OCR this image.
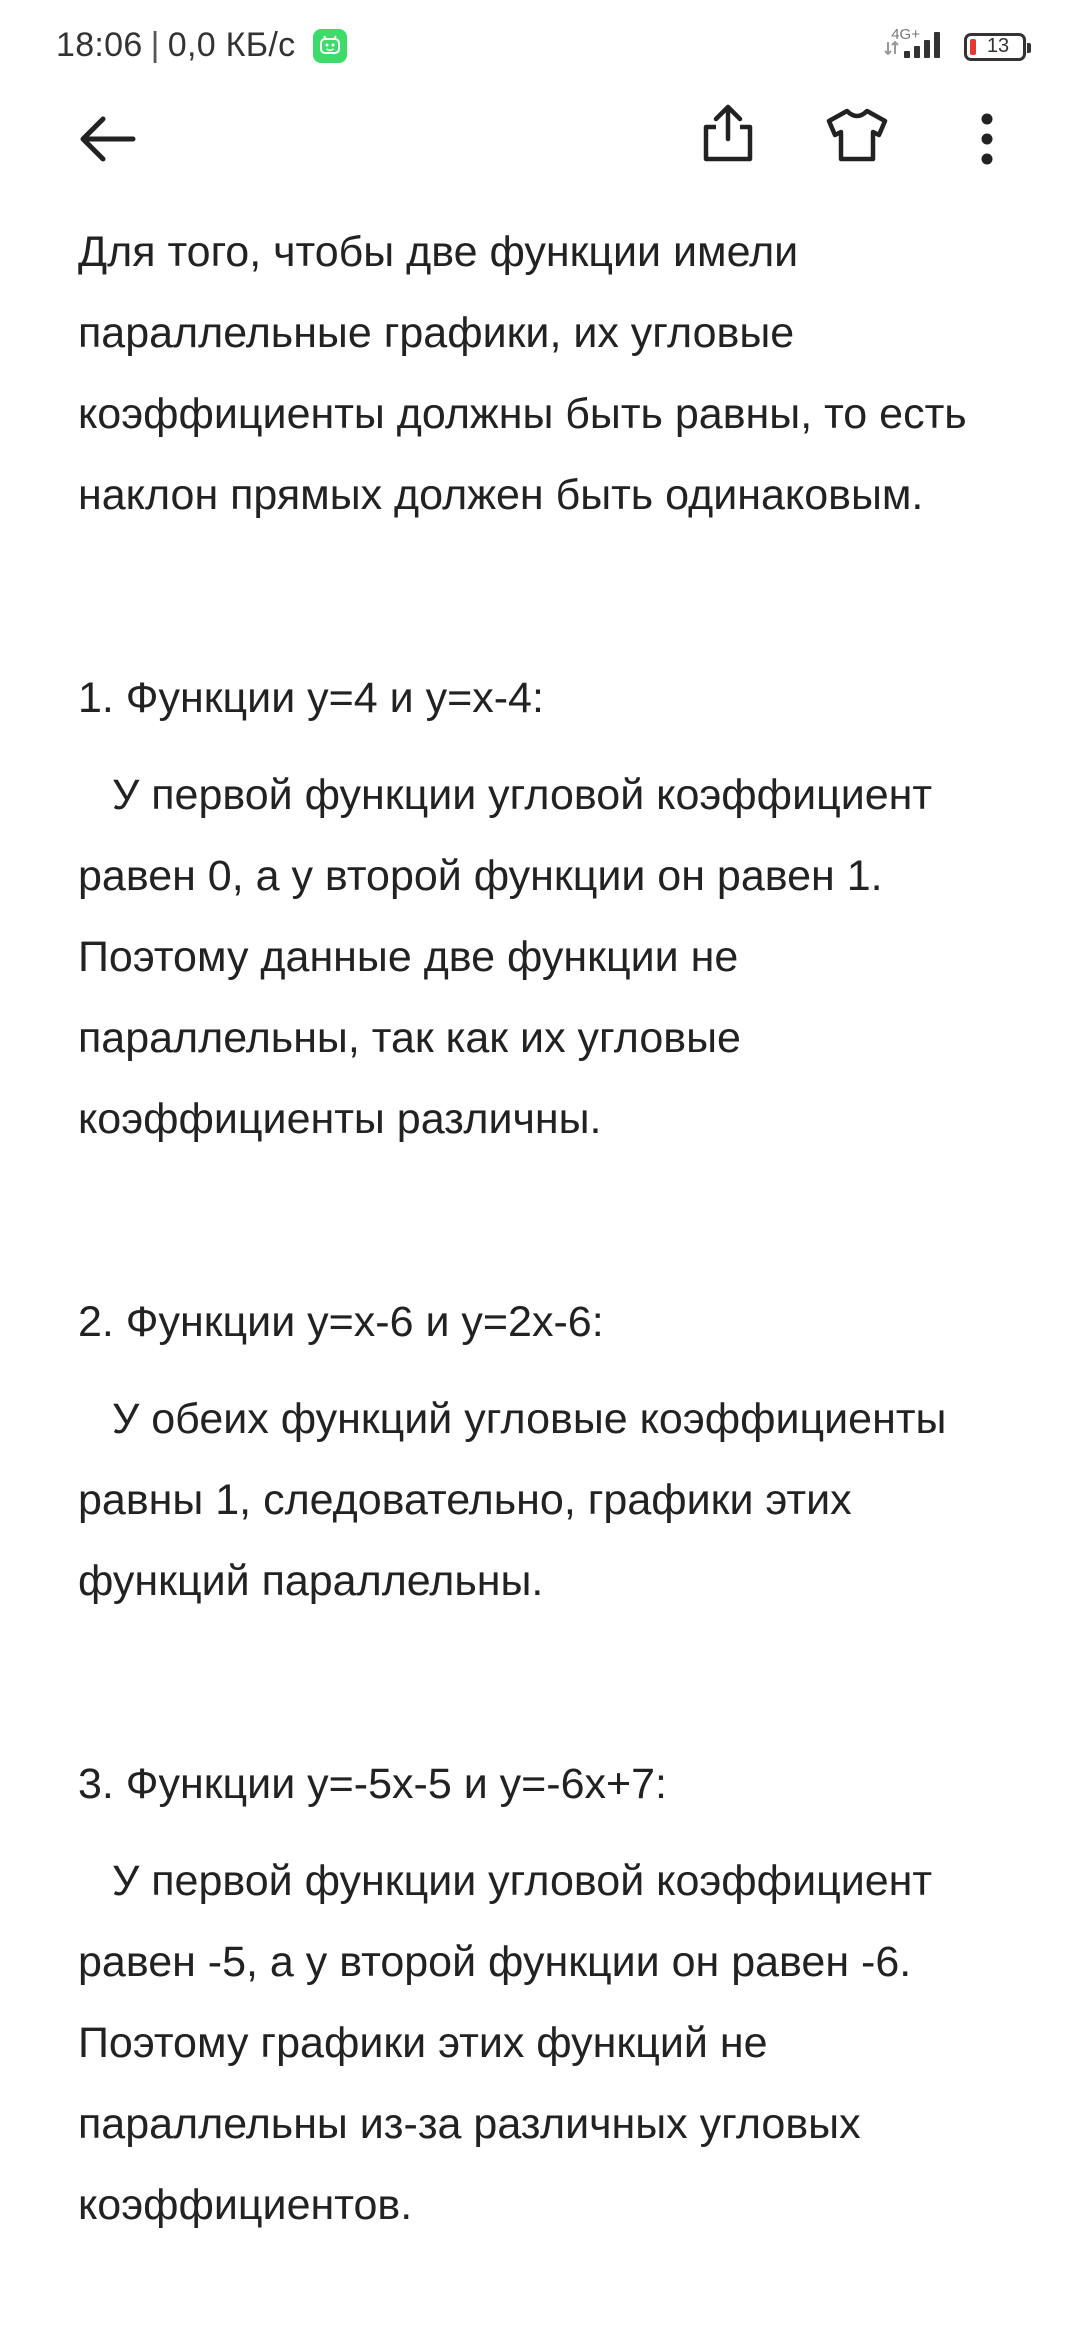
18:06 | 0,0 КБ/с	4G+
13

Для того, чтобы две функции имели

параллельные графики, их угловые

коэффициенты должны быть равны, то есть

наклон прямых должен быть одинаковым.

1. Функции y=4 и y=x-4:

У первой функции угловой коэффициент

равен 0, а у второй функции он равен 1.

Поэтому данные две функции не

параллельны, так как их угловые

коэффициенты различны.

2. Функции y=x-6 и y=2x-6:

У обеих функций угловые коэффициенты

равны 1, следовательно, графики этих

функций параллельны.

3. Функции y=-5x-5 и y=-6x+7:

У первой функции угловой коэффициент

равен -5, а у второй функции он равен -6.

Поэтому графики этих функций не

параллельны из-за различных угловых

коэффициентов.
